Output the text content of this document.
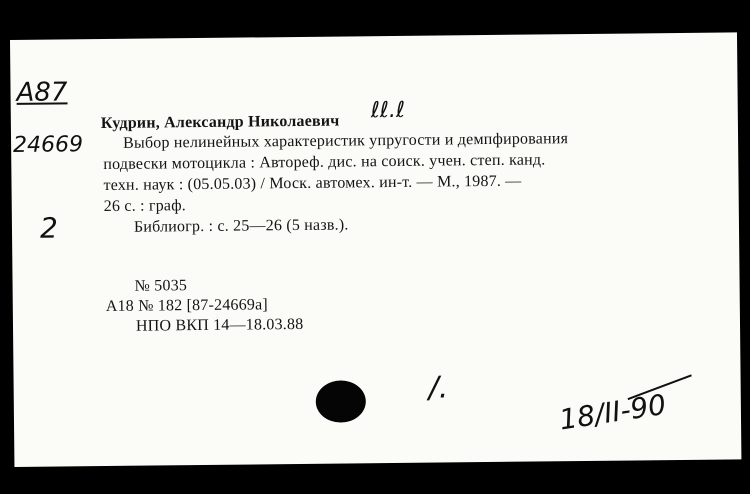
А87
24669
2
Кудрин, Александр Николаевич ℓℓ.ℓ
Выбор нелинейных характеристик упругости и демпфирования
подвески мотоцикла : Автореф. дис. на соиск. учен. степ. канд.
техн. наук : (05.05.03) / Моск. автомех. ин-т. — М., 1987. —
26 с. : граф.
Библиогр. : с. 25—26 (5 назв.).
№ 5035
А18 № 182 [87-24669а]
НПО ВКП 14—18.03.88
/.	18/II-90
